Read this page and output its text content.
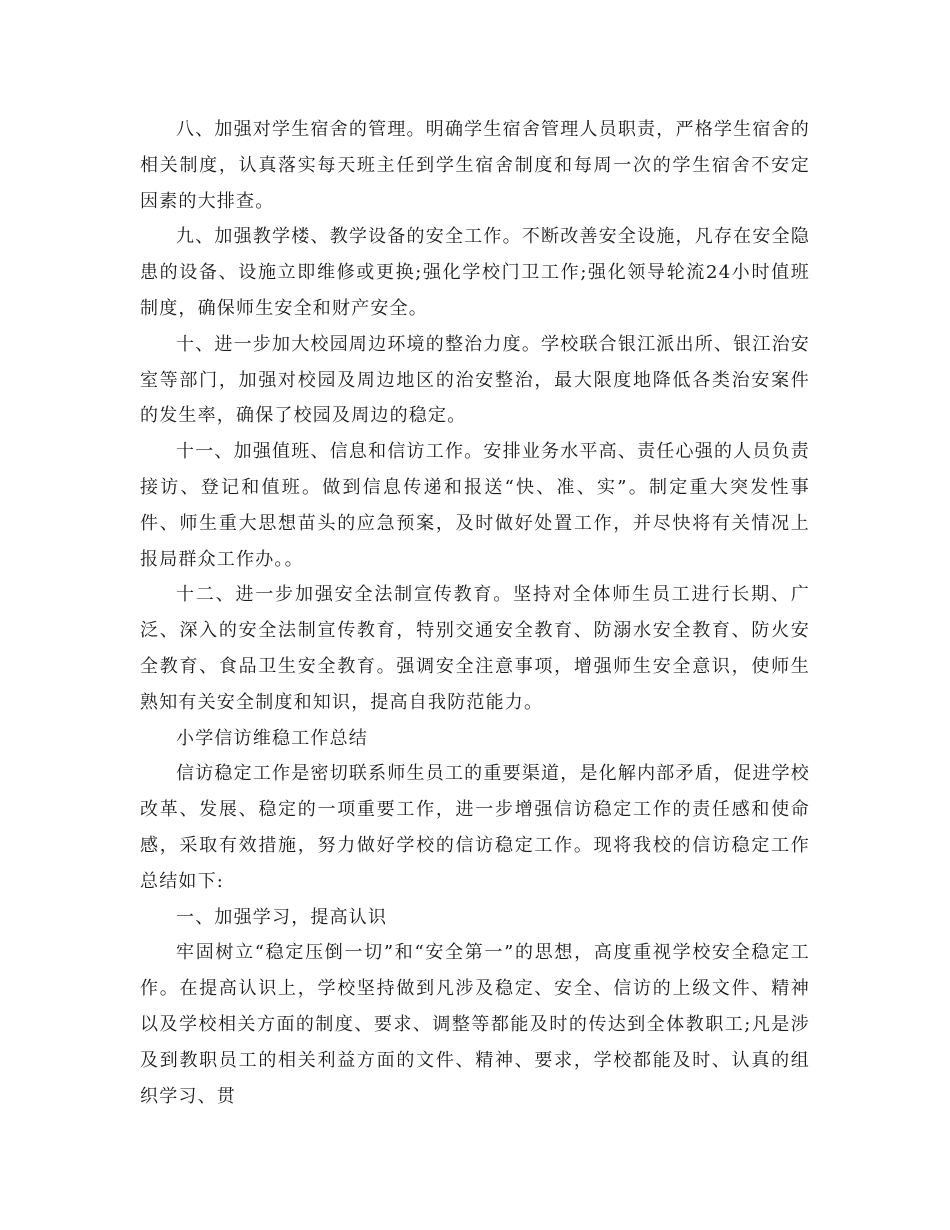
八、加强对学生宿舍的管理。明确学生宿舍管理人员职责，严格学生宿舍的相关制度，认真落实每天班主任到学生宿舍制度和每周一次的学生宿舍不安定因素的大排查。

九、加强教学楼、教学设备的安全工作。不断改善安全设施，凡存在安全隐患的设备、设施立即维修或更换;强化学校门卫工作;强化领导轮流24小时值班制度，确保师生安全和财产安全。

十、进一步加大校园周边环境的整治力度。学校联合银江派出所、银江治安室等部门，加强对校园及周边地区的治安整治，最大限度地降低各类治安案件的发生率，确保了校园及周边的稳定。

十一、加强值班、信息和信访工作。安排业务水平高、责任心强的人员负责接访、登记和值班。做到信息传递和报送“快、准、实”。制定重大突发性事件、师生重大思想苗头的应急预案，及时做好处置工作，并尽快将有关情况上报局群众工作办。。

十二、进一步加强安全法制宣传教育。坚持对全体师生员工进行长期、广泛、深入的安全法制宣传教育，特别交通安全教育、防溺水安全教育、防火安全教育、食品卫生安全教育。强调安全注意事项，增强师生安全意识，使师生熟知有关安全制度和知识，提高自我防范能力。

小学信访维稳工作总结

信访稳定工作是密切联系师生员工的重要渠道，是化解内部矛盾，促进学校改革、发展、稳定的一项重要工作，进一步增强信访稳定工作的责任感和使命感，采取有效措施，努力做好学校的信访稳定工作。现将我校的信访稳定工作总结如下:

一、加强学习，提高认识

牢固树立“稳定压倒一切”和“安全第一”的思想，高度重视学校安全稳定工作。在提高认识上，学校坚持做到凡涉及稳定、安全、信访的上级文件、精神以及学校相关方面的制度、要求、调整等都能及时的传达到全体教职工;凡是涉及到教职员工的相关利益方面的文件、精神、要求，学校都能及时、认真的组织学习、贯
